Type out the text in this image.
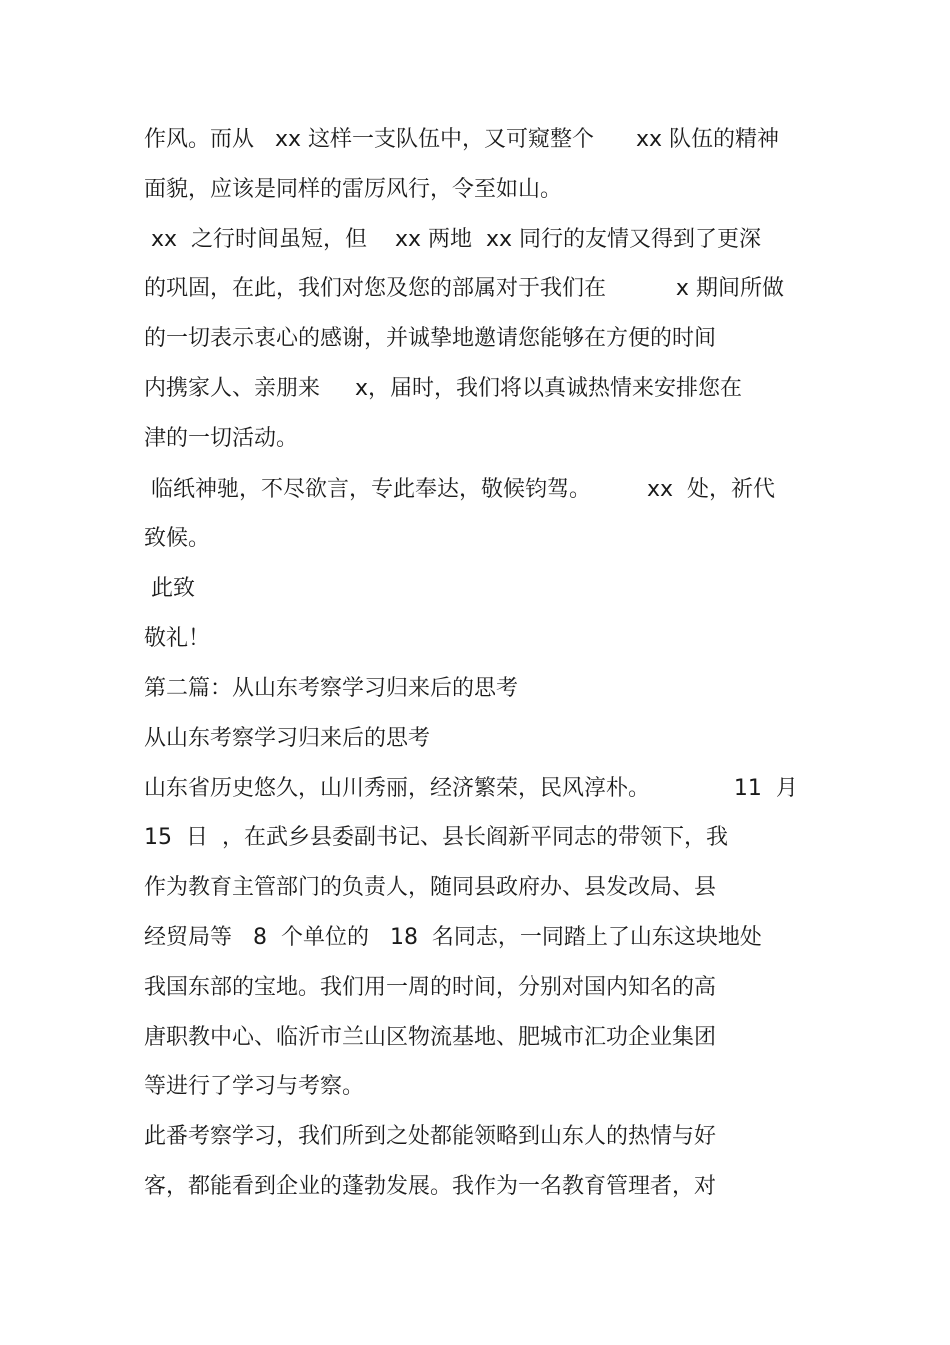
作风。而从   xx 这样一支队伍中，又可窥整个      xx 队伍的精神
面貌，应该是同样的雷厉风行，令至如山。
xx  之行时间虽短，但    xx 两地  xx 同行的友情又得到了更深
的巩固，在此，我们对您及您的部属对于我们在          x 期间所做
的一切表示衷心的感谢，并诚挚地邀请您能够在方便的时间
内携家人、亲朋来     x，届时，我们将以真诚热情来安排您在
津的一切活动。
临纸神驰，不尽欲言，专此奉达，敬候钧驾。        xx  处，祈代
致候。
此致
敬礼！
第二篇：从山东考察学习归来后的思考
从山东考察学习归来后的思考
山东省历史悠久，山川秀丽，经济繁荣，民风淳朴。            11  月
15  日  ，在武乡县委副书记、县长阎新平同志的带领下，我
作为教育主管部门的负责人，随同县政府办、县发改局、县
经贸局等   8  个单位的   18  名同志，一同踏上了山东这块地处
我国东部的宝地。我们用一周的时间，分别对国内知名的高
唐职教中心、临沂市兰山区物流基地、肥城市汇功企业集团
等进行了学习与考察。
此番考察学习，我们所到之处都能领略到山东人的热情与好
客，都能看到企业的蓬勃发展。我作为一名教育管理者，对
